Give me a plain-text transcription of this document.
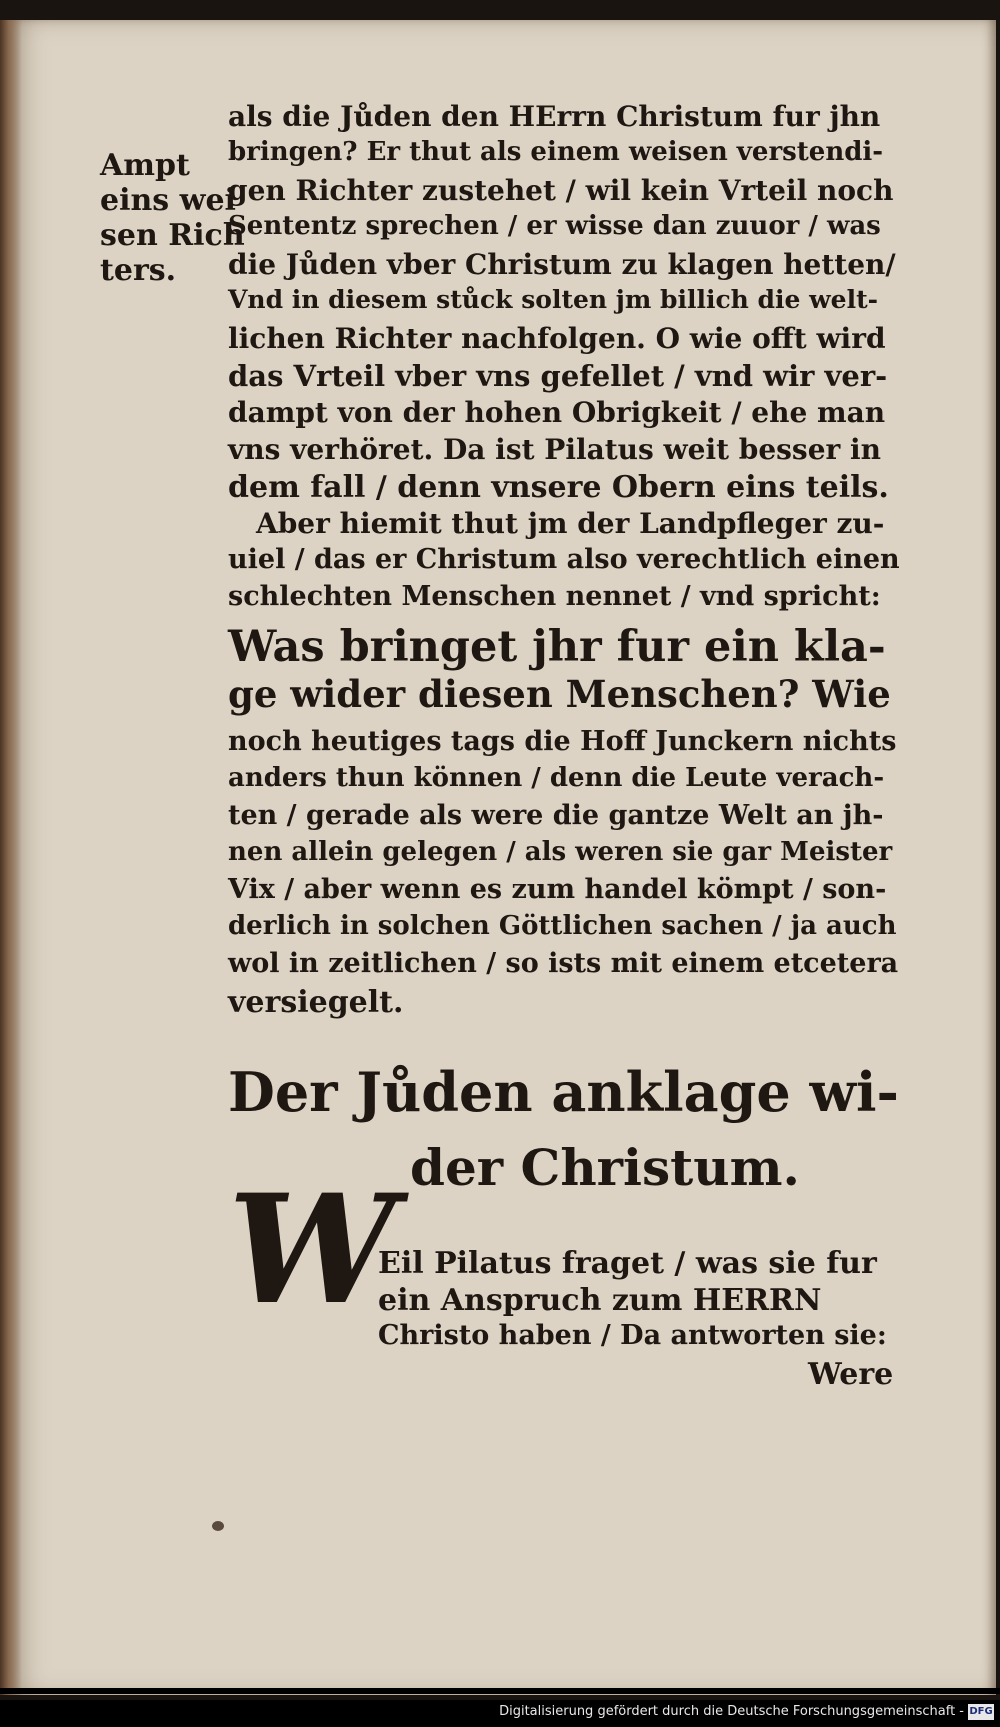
Ampt
eins wei
sen Rich
ters.
als die Jůden den HErrn Christum fur jhn
bringen? Er thut als einem weisen verstendi-
gen Richter zustehet / wil kein Vrteil noch
Sententz sprechen / er wisse dan zuuor / was
die Jůden vber Christum zu klagen hetten/
Vnd in diesem stůck solten jm billich die welt-
lichen Richter nachfolgen. O wie offt wird
das Vrteil vber vns gefellet / vnd wir ver-
dampt von der hohen Obrigkeit / ehe man
vns verhöret. Da ist Pilatus weit besser in
dem fall / denn vnsere Obern eins teils.
Aber hiemit thut jm der Landpfleger zu-
uiel / das er Christum also verechtlich einen
schlechten Menschen nennet / vnd spricht:
Was bringet jhr fur ein kla-
ge wider diesen Menschen? Wie
noch heutiges tags die Hoff Junckern nichts
anders thun können / denn die Leute verach-
ten / gerade als were die gantze Welt an jh-
nen allein gelegen / als weren sie gar Meister
Vix / aber wenn es zum handel kömpt / son-
derlich in solchen Göttlichen sachen / ja auch
wol in zeitlichen / so ists mit einem etcetera
versiegelt.
Der Jůden anklage wi-
der Christum.
W
Eil Pilatus fraget / was sie fur
ein Anspruch zum HERRN
Christo haben / Da antworten sie:
Were
Digitalisierung gefördert durch die Deutsche Forschungsgemeinschaft - DFG
